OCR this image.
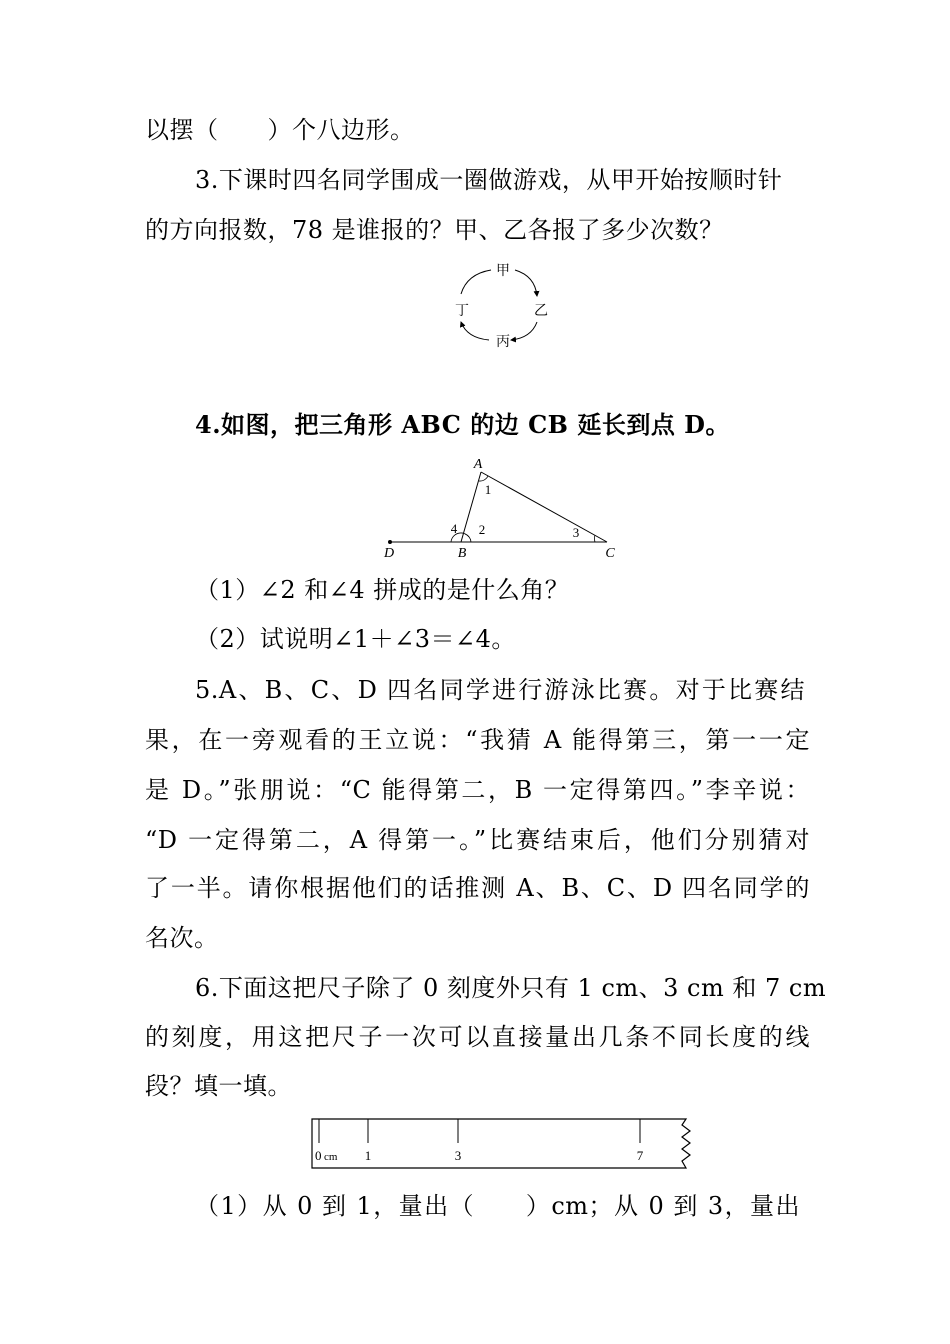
以摆（　　）个八边形。
3.下课时四名同学围成一圈做游戏，从甲开始按顺时针
的方向报数，78 是谁报的？甲、乙各报了多少次数？
甲
乙
丙
丁
4.如图，把三角形 ABC 的边 CB 延长到点 D。
A
B	C
D
1
2	3
4
（1）∠2 和∠4 拼成的是什么角？
（2）试说明∠1＋∠3＝∠4。
5.A、B、C、D 四名同学进行游泳比赛。对于比赛结
果，在一旁观看的王立说：“我猜 A 能得第三，第一一定
是 D。”张朋说：“C 能得第二，B 一定得第四。”李辛说：
“D 一定得第二，A 得第一。”比赛结束后，他们分别猜对
了一半。请你根据他们的话推测 A、B、C、D 四名同学的
名次。
6.下面这把尺子除了 0 刻度外只有 1 cm、3 cm 和 7 cm
的刻度，用这把尺子一次可以直接量出几条不同长度的线
段？填一填。
0 cm 1	3	7
（1）从 0 到 1，量出（　　）cm；从 0 到 3，量出
